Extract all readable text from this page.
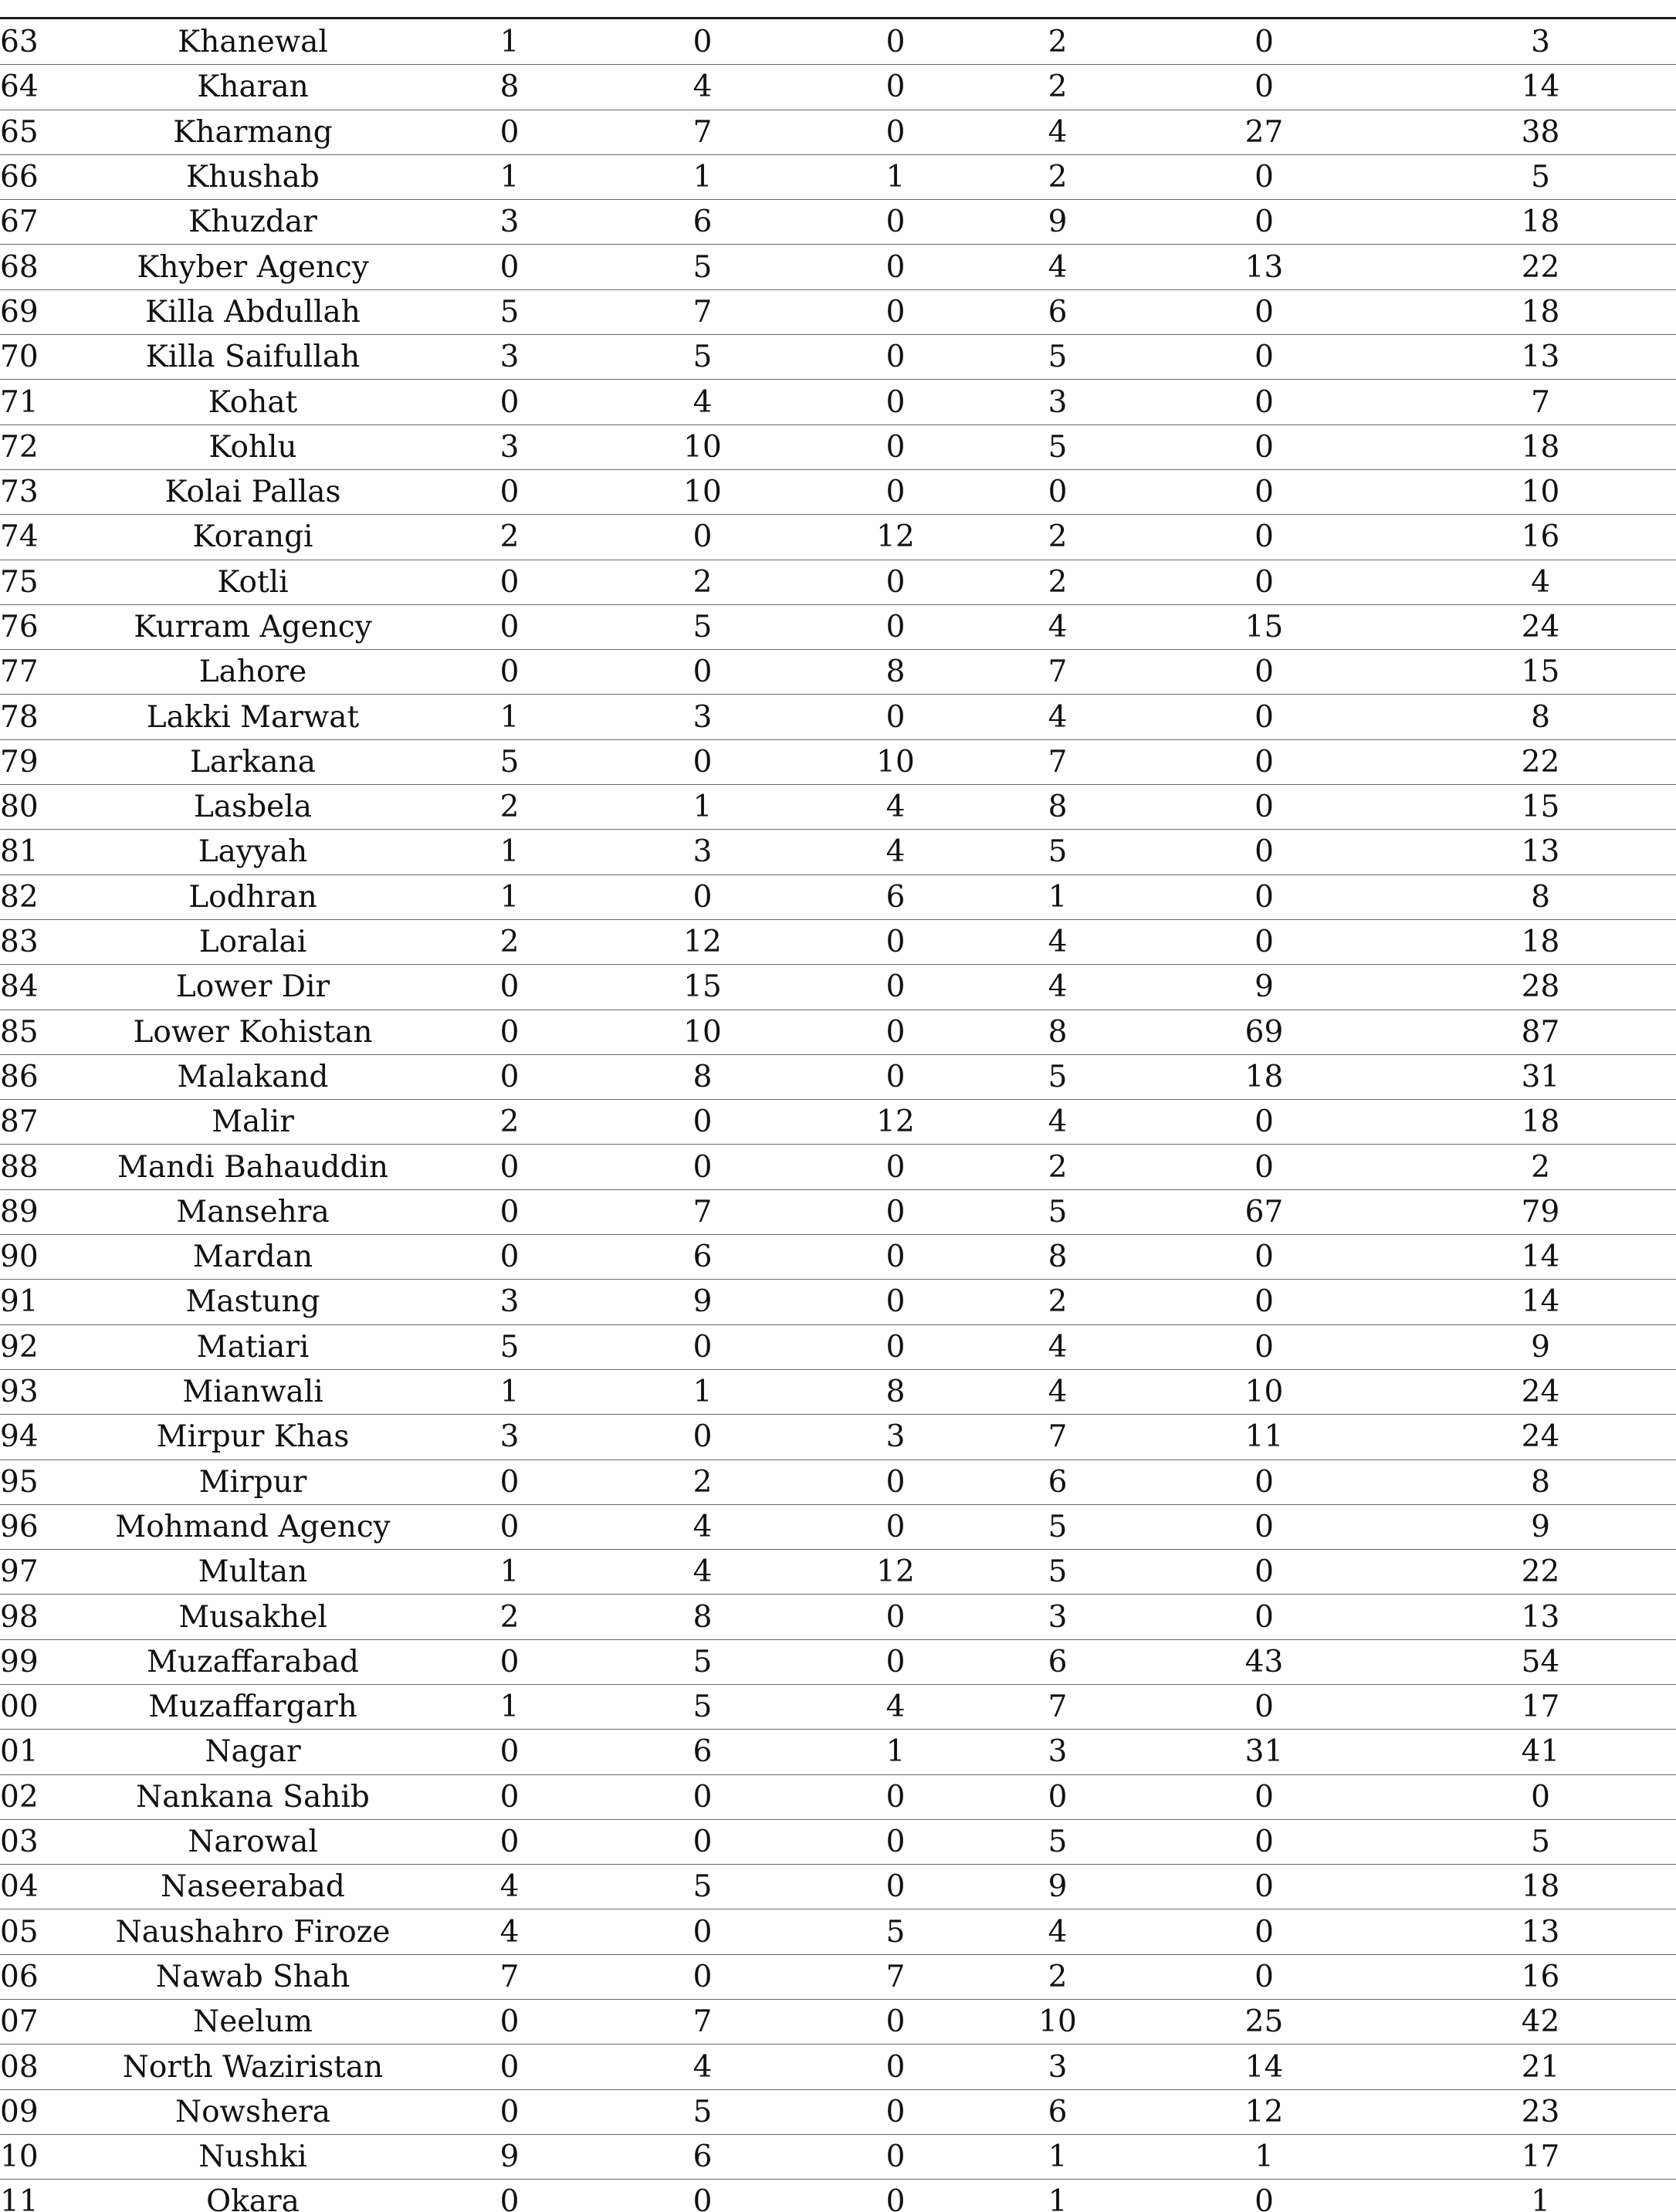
63	Khanewal	1	0	0	2	0	3
64	Kharan	8	4	0	2	0	14
65	Kharmang	0	7	0	4	27	38
66	Khushab	1	1	1	2	0	5
67	Khuzdar	3	6	0	9	0	18
68	Khyber Agency	0	5	0	4	13	22
69	Killa Abdullah	5	7	0	6	0	18
70	Killa Saifullah	3	5	0	5	0	13
71	Kohat	0	4	0	3	0	7
72	Kohlu	3	10	0	5	0	18
73	Kolai Pallas	0	10	0	0	0	10
74	Korangi	2	0	12	2	0	16
75	Kotli	0	2	0	2	0	4
76	Kurram Agency	0	5	0	4	15	24
77	Lahore	0	0	8	7	0	15
78	Lakki Marwat	1	3	0	4	0	8
79	Larkana	5	0	10	7	0	22
80	Lasbela	2	1	4	8	0	15
81	Layyah	1	3	4	5	0	13
82	Lodhran	1	0	6	1	0	8
83	Loralai	2	12	0	4	0	18
84	Lower Dir	0	15	0	4	9	28
85	Lower Kohistan	0	10	0	8	69	87
86	Malakand	0	8	0	5	18	31
87	Malir	2	0	12	4	0	18
88	Mandi Bahauddin	0	0	0	2	0	2
89	Mansehra	0	7	0	5	67	79
90	Mardan	0	6	0	8	0	14
91	Mastung	3	9	0	2	0	14
92	Matiari	5	0	0	4	0	9
93	Mianwali	1	1	8	4	10	24
94	Mirpur Khas	3	0	3	7	11	24
95	Mirpur	0	2	0	6	0	8
96	Mohmand Agency	0	4	0	5	0	9
97	Multan	1	4	12	5	0	22
98	Musakhel	2	8	0	3	0	13
99	Muzaffarabad	0	5	0	6	43	54
00	Muzaffargarh	1	5	4	7	0	17
01	Nagar	0	6	1	3	31	41
02	Nankana Sahib	0	0	0	0	0	0
03	Narowal	0	0	0	5	0	5
04	Naseerabad	4	5	0	9	0	18
05	Naushahro Firoze	4	0	5	4	0	13
06	Nawab Shah	7	0	7	2	0	16
07	Neelum	0	7	0	10	25	42
08	North Waziristan	0	4	0	3	14	21
09	Nowshera	0	5	0	6	12	23
10	Nushki	9	6	0	1	1	17
11	Okara	0	0	0	1	0	1
